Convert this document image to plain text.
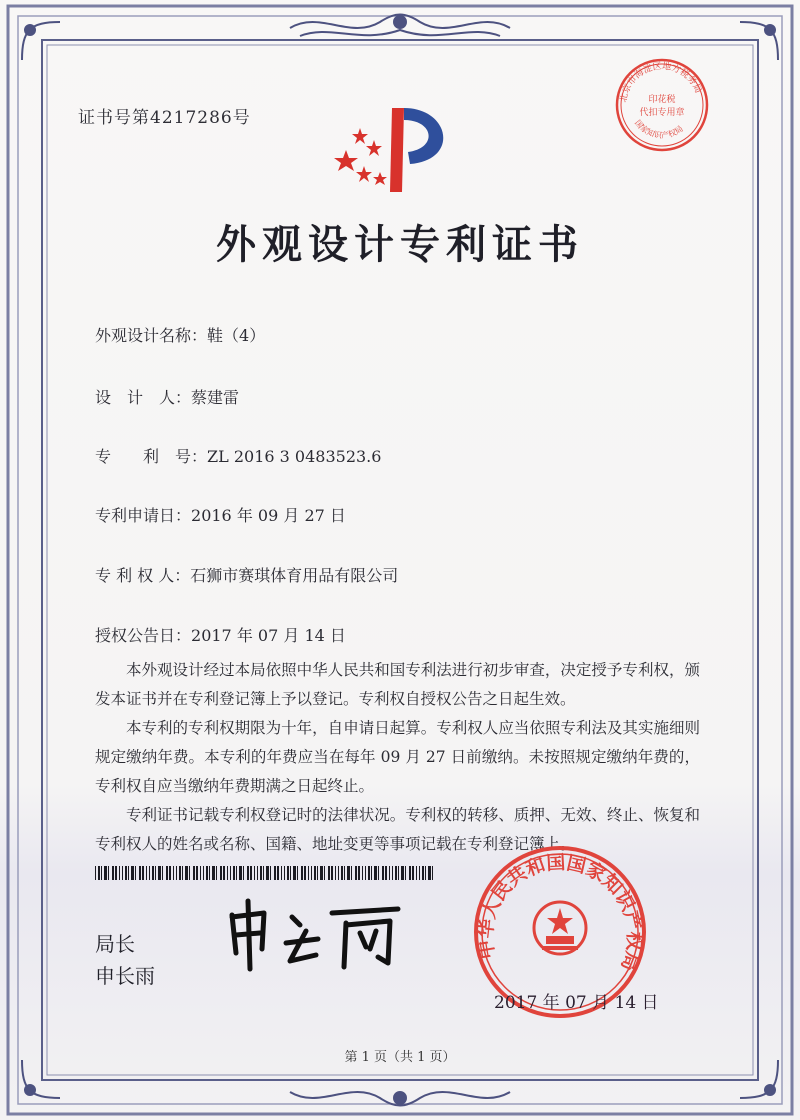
证书号第4217286号
北京市海淀区地方税务局
印花税
代扣专用章
国家知识产权局
外观设计专利证书
外观设计名称：鞋（4）
设　计　人：蔡建雷
专　　利　号：ZL 2016 3 0483523.6
专利申请日：2016 年 09 月 27 日
专 利 权 人：石狮市赛琪体育用品有限公司
授权公告日：2017 年 07 月 14 日

本外观设计经过本局依照中华人民共和国专利法进行初步审查，决定授予专利权，颁发本证书并在专利登记簿上予以登记。专利权自授权公告之日起生效。

本专利的专利权期限为十年，自申请日起算。专利权人应当依照专利法及其实施细则规定缴纳年费。本专利的年费应当在每年 09 月 27 日前缴纳。未按照规定缴纳年费的，专利权自应当缴纳年费期满之日起终止。

专利证书记载专利权登记时的法律状况。专利权的转移、质押、无效、终止、恢复和专利权人的姓名或名称、国籍、地址变更等事项记载在专利登记簿上。

局长
申长雨
中华人民共和国国家知识产权局
2017 年 07 月 14 日
第 1 页（共 1 页）
